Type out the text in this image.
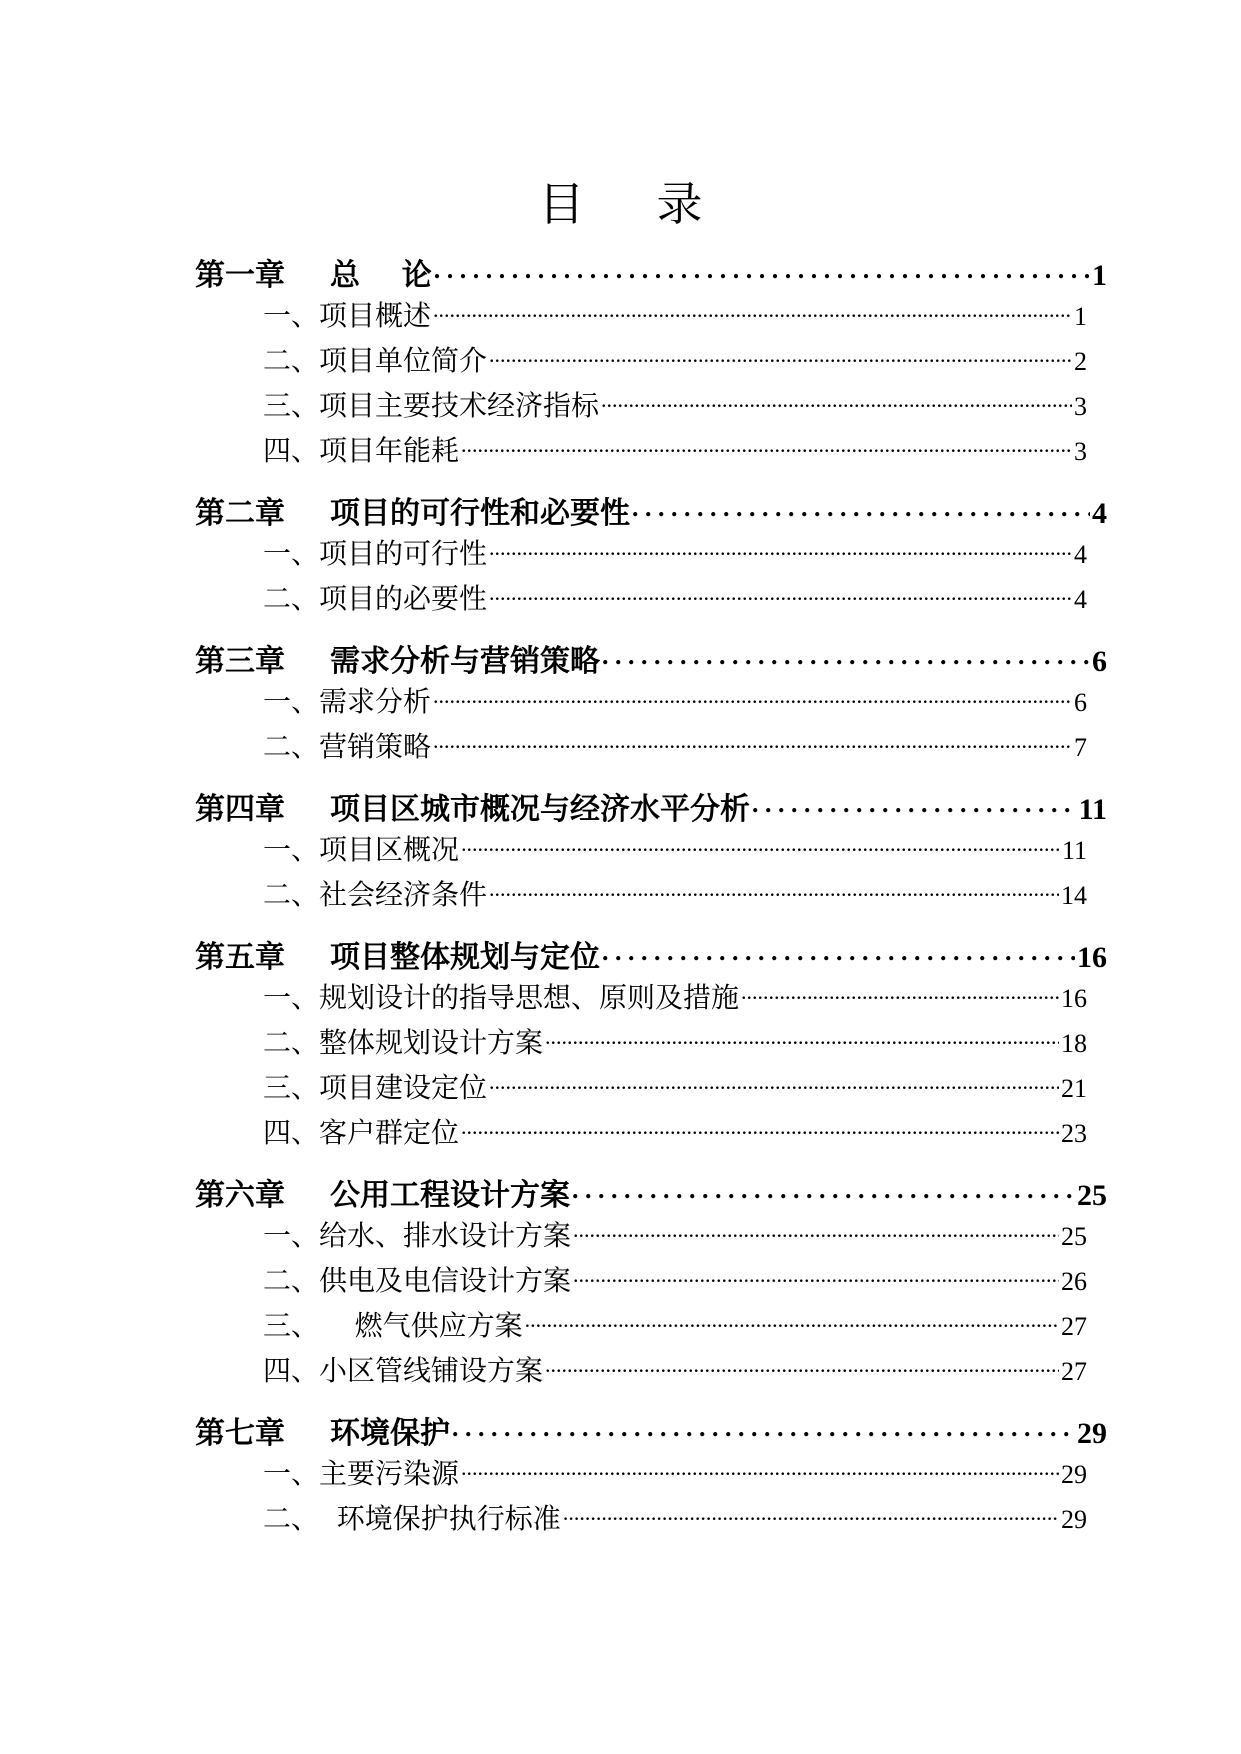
目 录
第一章 总    论 . . .	1
一、项目概述 .....	1
二、项目单位简介 .....	2
三、项目主要技术经济指标 .....	3
四、项目年能耗 .....	3
第二章 项目的可行性和必要性 . . .	4
一、项目的可行性 .....	4
二、项目的必要性 .....	4
第三章 需求分析与营销策略 . . .	6
一、需求分析 .....	6
二、营销策略 .....	7
第四章 项目区城市概况与经济水平分析 . . .	11
一、项目区概况 .....	11
二、社会经济条件 .....	14
第五章 项目整体规划与定位 . . .	16
一、规划设计的指导思想、原则及措施 .....	16
二、整体规划设计方案 .....	18
三、项目建设定位 .....	21
四、客户群定位 .....	23
第六章 公用工程设计方案 . . .	25
一、给水、排水设计方案 .....	25
二、供电及电信设计方案 .....	26
三、    燃气供应方案 .....	27
四、小区管线铺设方案 .....	27
第七章 环境保护 . . .	29
一、主要污染源 .....	29
二、  环境保护执行标准 .....	29
